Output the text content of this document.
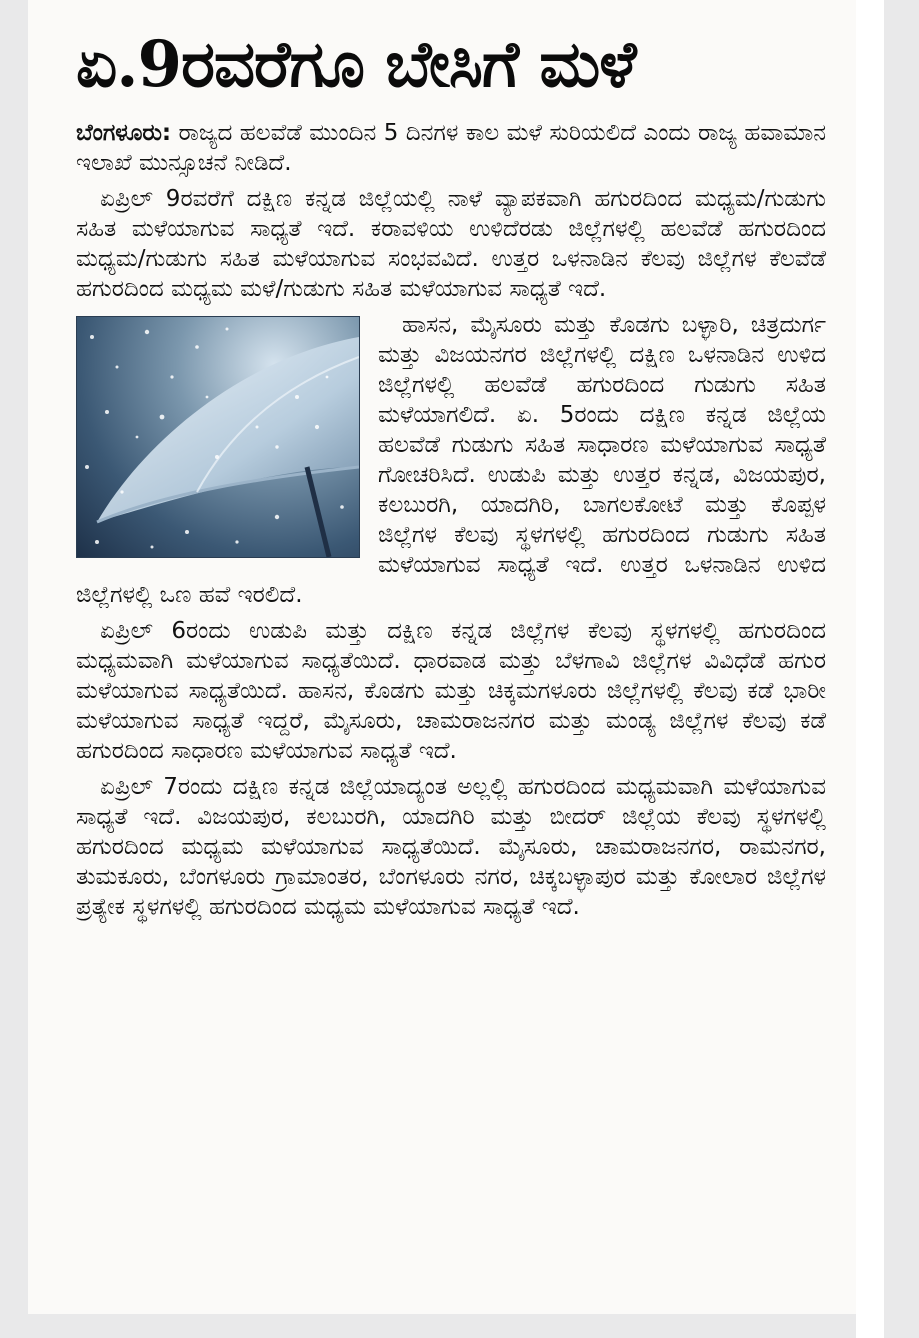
ಏ.9ರವರೆಗೂ ಬೇಸಿಗೆ ಮಳೆ

ಬೆಂಗಳೂರು: ರಾಜ್ಯದ ಹಲವೆಡೆ ಮುಂದಿನ 5 ದಿನಗಳ ಕಾಲ ಮಳೆ ಸುರಿಯಲಿದೆ ಎಂದು ರಾಜ್ಯ ಹವಾಮಾನ ಇಲಾಖೆ ಮುನ್ಸೂಚನೆ ನೀಡಿದೆ.

ಏಪ್ರಿಲ್ 9ರವರೆಗೆ ದಕ್ಷಿಣ ಕನ್ನಡ ಜಿಲ್ಲೆಯಲ್ಲಿ ನಾಳೆ ವ್ಯಾಪಕವಾಗಿ ಹಗುರದಿಂದ ಮಧ್ಯಮ/ಗುಡುಗು ಸಹಿತ ಮಳೆಯಾಗುವ ಸಾಧ್ಯತೆ ಇದೆ. ಕರಾವಳಿಯ ಉಳಿದೆರಡು ಜಿಲ್ಲೆಗಳಲ್ಲಿ ಹಲವೆಡೆ ಹಗುರದಿಂದ ಮಧ್ಯಮ/ಗುಡುಗು ಸಹಿತ ಮಳೆಯಾಗುವ ಸಂಭವವಿದೆ. ಉತ್ತರ ಒಳನಾಡಿನ ಕೆಲವು ಜಿಲ್ಲೆಗಳ ಕೆಲವೆಡೆ ಹಗುರದಿಂದ ಮಧ್ಯಮ ಮಳೆ/ಗುಡುಗು ಸಹಿತ ಮಳೆಯಾಗುವ ಸಾಧ್ಯತೆ ಇದೆ.

ಹಾಸನ, ಮೈಸೂರು ಮತ್ತು ಕೊಡಗು ಬಳ್ಳಾರಿ, ಚಿತ್ರದುರ್ಗ ಮತ್ತು ವಿಜಯನಗರ ಜಿಲ್ಲೆಗಳಲ್ಲಿ ದಕ್ಷಿಣ ಒಳನಾಡಿನ ಉಳಿದ ಜಿಲ್ಲೆಗಳಲ್ಲಿ ಹಲವೆಡೆ ಹಗುರದಿಂದ ಗುಡುಗು ಸಹಿತ ಮಳೆಯಾಗಲಿದೆ. ಏ. 5ರಂದು ದಕ್ಷಿಣ ಕನ್ನಡ ಜಿಲ್ಲೆಯ ಹಲವೆಡೆ ಗುಡುಗು ಸಹಿತ ಸಾಧಾರಣ ಮಳೆಯಾಗುವ ಸಾಧ್ಯತೆ ಗೋಚರಿಸಿದೆ. ಉಡುಪಿ ಮತ್ತು ಉತ್ತರ ಕನ್ನಡ, ವಿಜಯಪುರ, ಕಲಬುರಗಿ, ಯಾದಗಿರಿ, ಬಾಗಲಕೋಟೆ ಮತ್ತು ಕೊಪ್ಪಳ ಜಿಲ್ಲೆಗಳ ಕೆಲವು ಸ್ಥಳಗಳಲ್ಲಿ ಹಗುರದಿಂದ ಗುಡುಗು ಸಹಿತ ಮಳೆಯಾಗುವ ಸಾಧ್ಯತೆ ಇದೆ. ಉತ್ತರ ಒಳನಾಡಿನ ಉಳಿದ ಜಿಲ್ಲೆಗಳಲ್ಲಿ ಒಣ ಹವೆ ಇರಲಿದೆ.

ಏಪ್ರಿಲ್ 6ರಂದು ಉಡುಪಿ ಮತ್ತು ದಕ್ಷಿಣ ಕನ್ನಡ ಜಿಲ್ಲೆಗಳ ಕೆಲವು ಸ್ಥಳಗಳಲ್ಲಿ ಹಗುರದಿಂದ ಮಧ್ಯಮವಾಗಿ ಮಳೆಯಾಗುವ ಸಾಧ್ಯತೆಯಿದೆ. ಧಾರವಾಡ ಮತ್ತು ಬೆಳಗಾವಿ ಜಿಲ್ಲೆಗಳ ವಿವಿಧೆಡೆ ಹಗುರ ಮಳೆಯಾಗುವ ಸಾಧ್ಯತೆಯಿದೆ. ಹಾಸನ, ಕೊಡಗು ಮತ್ತು ಚಿಕ್ಕಮಗಳೂರು ಜಿಲ್ಲೆಗಳಲ್ಲಿ ಕೆಲವು ಕಡೆ ಭಾರೀ ಮಳೆಯಾಗುವ ಸಾಧ್ಯತೆ ಇದ್ದರೆ, ಮೈಸೂರು, ಚಾಮರಾಜನಗರ ಮತ್ತು ಮಂಡ್ಯ ಜಿಲ್ಲೆಗಳ ಕೆಲವು ಕಡೆ ಹಗುರದಿಂದ ಸಾಧಾರಣ ಮಳೆಯಾಗುವ ಸಾಧ್ಯತೆ ಇದೆ.

ಏಪ್ರಿಲ್ 7ರಂದು ದಕ್ಷಿಣ ಕನ್ನಡ ಜಿಲ್ಲೆಯಾದ್ಯಂತ ಅಲ್ಲಲ್ಲಿ ಹಗುರದಿಂದ ಮಧ್ಯಮವಾಗಿ ಮಳೆಯಾಗುವ ಸಾಧ್ಯತೆ ಇದೆ. ವಿಜಯಪುರ, ಕಲಬುರಗಿ, ಯಾದಗಿರಿ ಮತ್ತು ಬೀದರ್ ಜಿಲ್ಲೆಯ ಕೆಲವು ಸ್ಥಳಗಳಲ್ಲಿ ಹಗುರದಿಂದ ಮಧ್ಯಮ ಮಳೆಯಾಗುವ ಸಾಧ್ಯತೆಯಿದೆ. ಮೈಸೂರು, ಚಾಮರಾಜನಗರ, ರಾಮನಗರ, ತುಮಕೂರು, ಬೆಂಗಳೂರು ಗ್ರಾಮಾಂತರ, ಬೆಂಗಳೂರು ನಗರ, ಚಿಕ್ಕಬಳ್ಳಾಪುರ ಮತ್ತು ಕೋಲಾರ ಜಿಲ್ಲೆಗಳ ಪ್ರತ್ಯೇಕ ಸ್ಥಳಗಳಲ್ಲಿ ಹಗುರದಿಂದ ಮಧ್ಯಮ ಮಳೆಯಾಗುವ ಸಾಧ್ಯತೆ ಇದೆ.
